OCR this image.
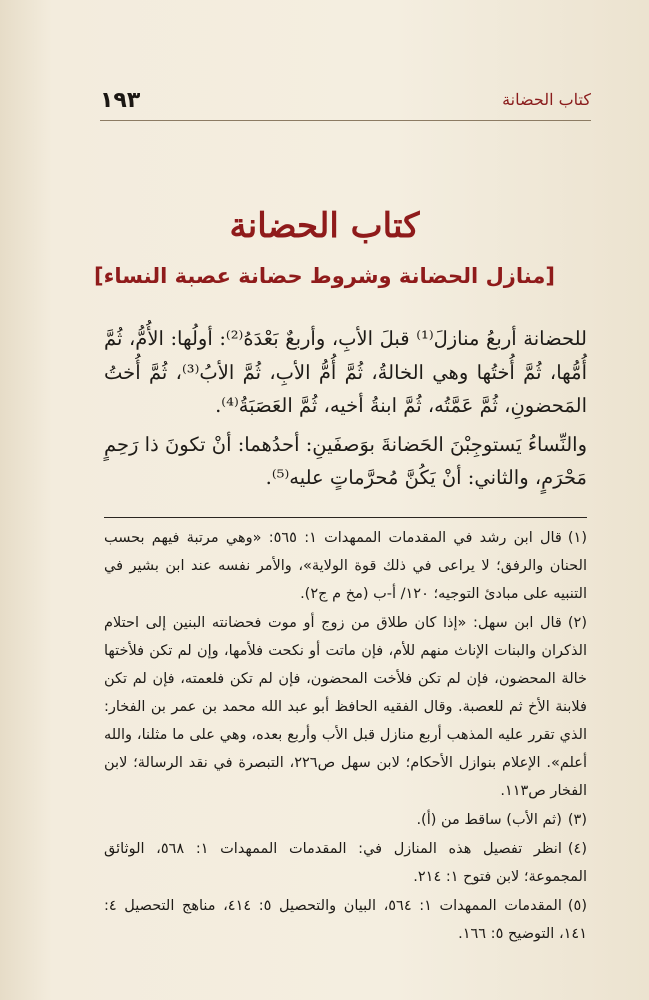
١٩٣	كتاب الحضانة
كتاب الحضانة
[منازل الحضانة وشروط حضانة عصبة النساء]

للحضانة أربعُ منازلَ⁽¹⁾ قبلَ الأبِ، وأربعٌ بَعْدَهُ⁽²⁾: أولُها: الأُمُّ، ثُمَّ أُمُّها، ثُمَّ أُختُها وهي الخالةُ، ثُمَّ أُمُّ الأبِ، ثُمَّ الأبُ⁽³⁾، ثُمَّ أُختُ المَحضونِ، ثُمَّ عَمَّتُه، ثُمَّ ابنةُ أخيه، ثُمَّ العَصَبَةُ⁽⁴⁾.

والنِّساءُ يَستوجِبْنَ الحَضانةَ بوَصفَينِ: أحدُهما: أنْ تكونَ ذا رَحِمٍ مَحْرَمٍ، والثاني: أنْ يَكُنَّ مُحرَّماتٍ عليه⁽⁵⁾.

(١)قال ابن رشد في المقدمات الممهدات ١: ٥٦٥: «وهي مرتبة فيهم بحسب الحنان والرفق؛ لا يراعى في ذلك قوة الولاية»، والأمر نفسه عند ابن بشير في التنبيه على مبادئ التوجيه؛ ١٢٠/ أ-ب (مخ م ج٢).

(٢)قال ابن سهل: «إذا كان طلاق من زوج أو موت فحضانته البنين إلى احتلام الذكران والبنات الإناث منهم للأم، فإن ماتت أو نكحت فلأمها، وإن لم تكن فلأختها خالة المحضون، فإن لم تكن فلأخت المحضون، فإن لم تكن فلعمته، فإن لم تكن فلابنة الأخ ثم للعصبة. وقال الفقيه الحافظ أبو عبد الله محمد بن عمر بن الفخار: الذي تقرر عليه المذهب أربع منازل قبل الأب وأربع بعده، وهي على ما مثلنا، والله أعلم». الإعلام بنوازل الأحكام؛ لابن سهل ص٢٢٦، التبصرة في نقد الرسالة؛ لابن الفخار ص١١٣.

(٣)(ثم الأب) ساقط من (أ).

(٤)انظر تفصيل هذه المنازل في: المقدمات الممهدات ١: ٥٦٨، الوثائق المجموعة؛ لابن فتوح ١: ٢١٤.

(٥)المقدمات الممهدات ١: ٥٦٤، البيان والتحصيل ٥: ٤١٤، مناهج التحصيل ٤: ١٤١، التوضيح ٥: ١٦٦.
